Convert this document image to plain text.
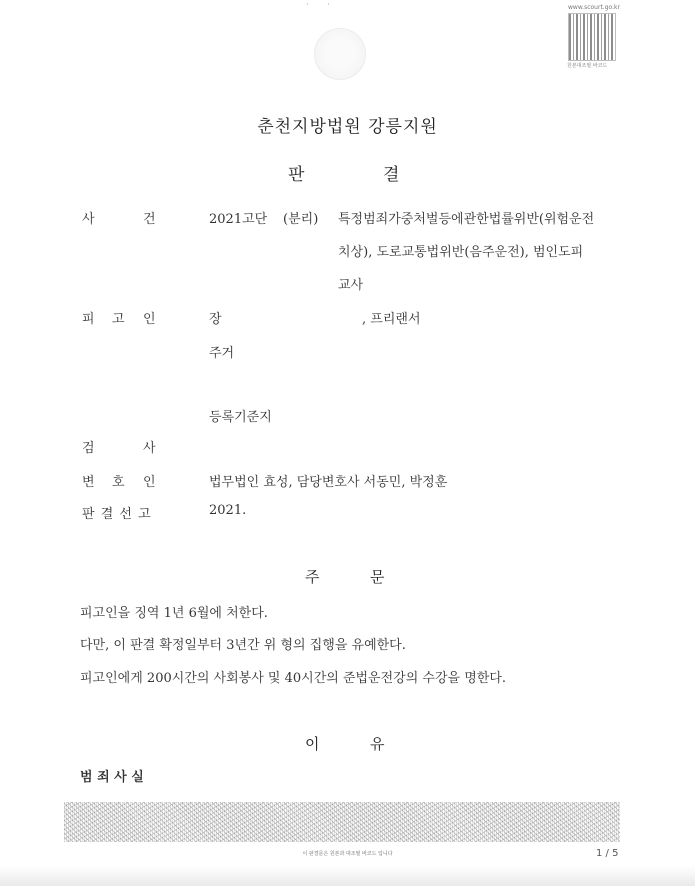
· ·	www.scourt.go.kr
원본대조필 바코드
춘천지방법원 강릉지원
판	결
사	건	2021고단 (분리) 특정범죄가중처벌등에관한법률위반(위험운전
치상), 도로교통법위반(음주운전), 범인도피
교사
피 고 인	장	, 프리랜서
주거
등록기준지
검	사
변 호 인	법무법인 효성, 담당변호사 서동민, 박정훈
판 결 선 고	2021.
주	문
피고인을 징역 1년 6월에 처한다.
다만, 이 판결 확정일부터 3년간 위 형의 집행을 유예한다.
피고인에게 200시간의 사회봉사 및 40시간의 준법운전강의 수강을 명한다.
이	유
범 죄 사 실
이 판결문은 원본과 대조필 바코드 입니다	1 / 5
